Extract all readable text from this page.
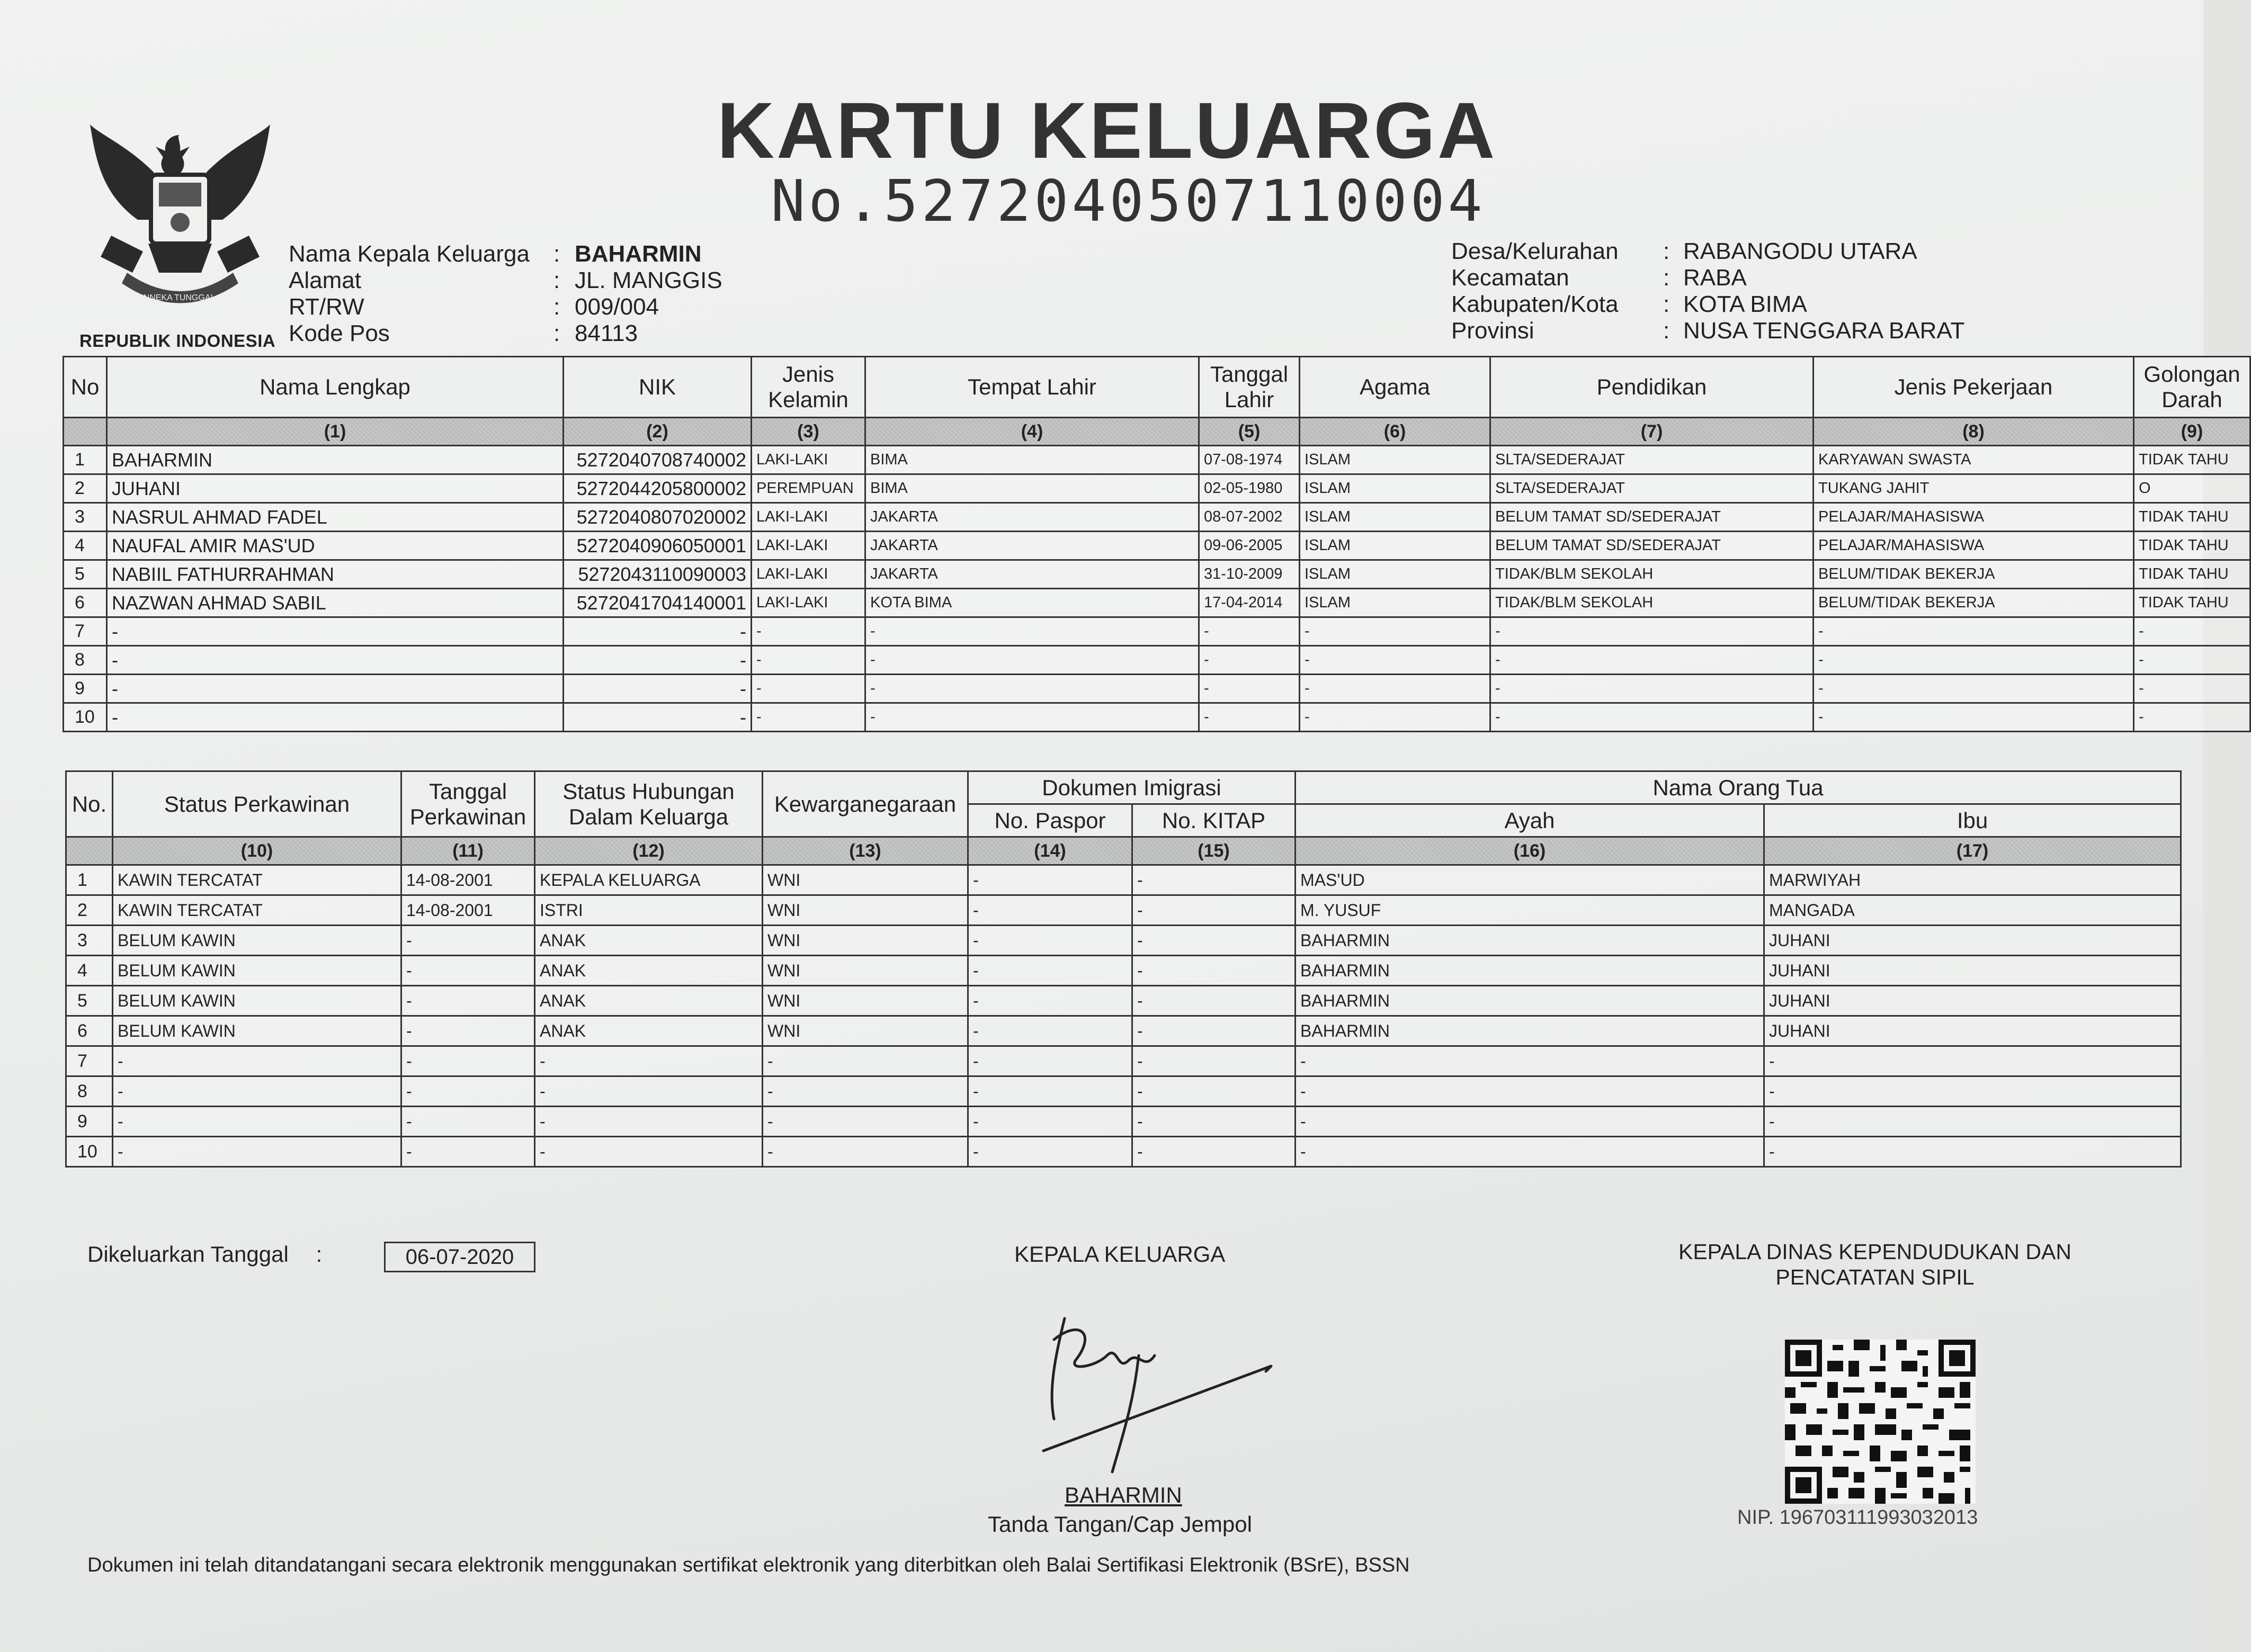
BHINNEKA TUNGGAL IKA
REPUBLIK INDONESIA
KARTU KELUARGA
No.5272040507110004
Nama Kepala Keluarga	: BAHARMIN
Alamat	: JL. MANGGIS
RT/RW	: 009/004
Kode Pos	: 84113
Desa/Kelurahan	: RABANGODU UTARA
Kecamatan	: RABA
Kabupaten/Kota	: KOTA BIMA
Provinsi	: NUSA TENGGARA BARAT
No	Nama Lengkap	NIK	Jenis Kelamin	Tempat Lahir	Tanggal Lahir	Agama	Pendidikan	Jenis Pekerjaan	Golongan Darah
	(1)	(2)	(3)	(4)	(5)	(6)	(7)	(8)	(9)
1	BAHARMIN	5272040708740002	LAKI-LAKI	BIMA	07-08-1974	ISLAM	SLTA/SEDERAJAT	KARYAWAN SWASTA	TIDAK TAHU
2	JUHANI	5272044205800002	PEREMPUAN	BIMA	02-05-1980	ISLAM	SLTA/SEDERAJAT	TUKANG JAHIT	O
3	NASRUL AHMAD FADEL	5272040807020002	LAKI-LAKI	JAKARTA	08-07-2002	ISLAM	BELUM TAMAT SD/SEDERAJAT	PELAJAR/MAHASISWA	TIDAK TAHU
4	NAUFAL AMIR MAS'UD	5272040906050001	LAKI-LAKI	JAKARTA	09-06-2005	ISLAM	BELUM TAMAT SD/SEDERAJAT	PELAJAR/MAHASISWA	TIDAK TAHU
5	NABIIL FATHURRAHMAN	5272043110090003	LAKI-LAKI	JAKARTA	31-10-2009	ISLAM	TIDAK/BLM SEKOLAH	BELUM/TIDAK BEKERJA	TIDAK TAHU
6	NAZWAN AHMAD SABIL	5272041704140001	LAKI-LAKI	KOTA BIMA	17-04-2014	ISLAM	TIDAK/BLM SEKOLAH	BELUM/TIDAK BEKERJA	TIDAK TAHU
7	-	-	-	-	-	-	-	-	-
8	-	-	-	-	-	-	-	-	-
9	-	-	-	-	-	-	-	-	-
10	-	-	-	-	-	-	-	-	-
No.	Status Perkawinan	Tanggal Perkawinan	Status Hubungan Dalam Keluarga	Kewarganegaraan	Dokumen Imigrasi		Nama Orang Tua	
					No. Paspor	No. KITAP	Ayah	Ibu
	(10)	(11)	(12)	(13)	(14)	(15)	(16)	(17)
1	KAWIN TERCATAT	14-08-2001	KEPALA KELUARGA	WNI	-	-	MAS'UD	MARWIYAH
2	KAWIN TERCATAT	14-08-2001	ISTRI	WNI	-	-	M. YUSUF	MANGADA
3	BELUM KAWIN	-	ANAK	WNI	-	-	BAHARMIN	JUHANI
4	BELUM KAWIN	-	ANAK	WNI	-	-	BAHARMIN	JUHANI
5	BELUM KAWIN	-	ANAK	WNI	-	-	BAHARMIN	JUHANI
6	BELUM KAWIN	-	ANAK	WNI	-	-	BAHARMIN	JUHANI
7	-	-	-	-	-	-	-	-
8	-	-	-	-	-	-	-	-
9	-	-	-	-	-	-	-	-
10	-	-	-	-	-	-	-	-
Dikeluarkan Tanggal :	06-07-2020	KEPALA KELUARGA
BAHARMIN
Tanda Tangan/Cap Jempol
KEPALA DINAS KEPENDUDUKAN DAN
PENCATATAN SIPIL
NIP. 196703111993032013
Dokumen ini telah ditandatangani secara elektronik menggunakan sertifikat elektronik yang diterbitkan oleh Balai Sertifikasi Elektronik (BSrE), BSSN
